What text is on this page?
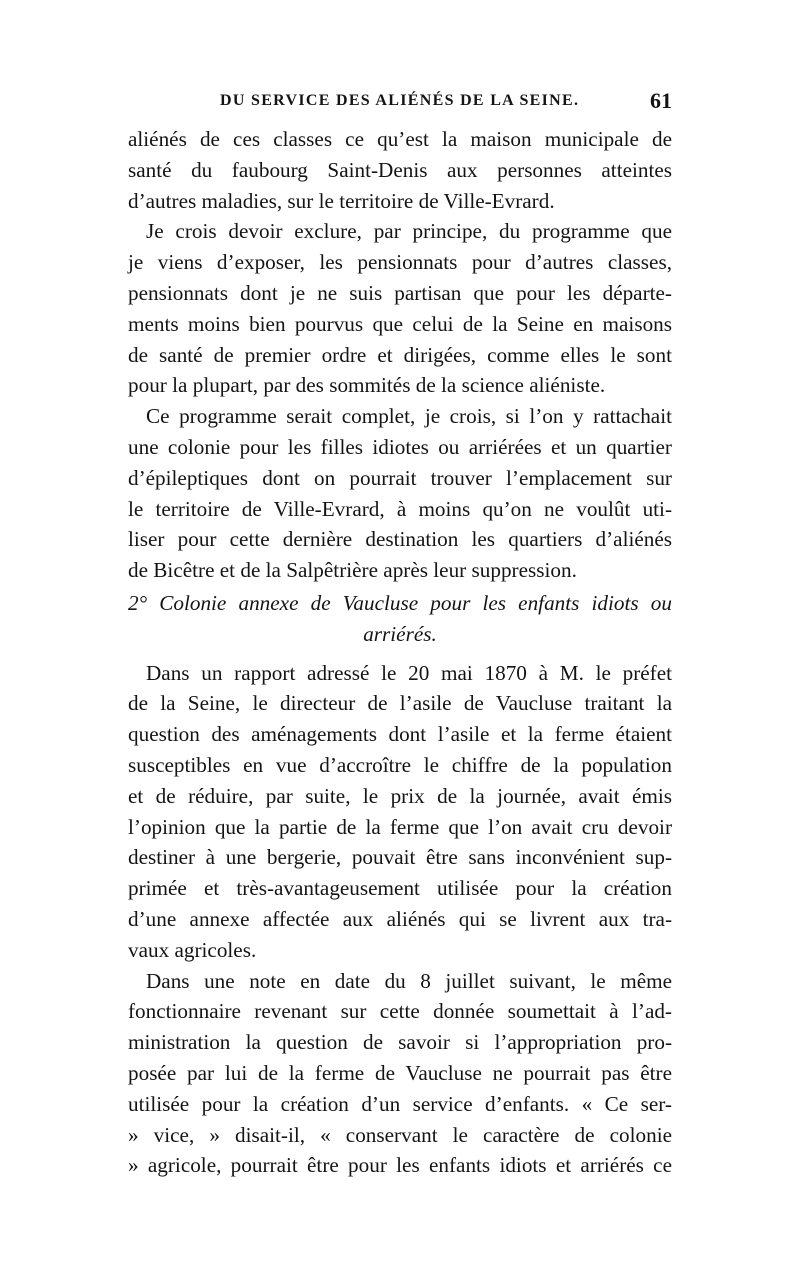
DU SERVICE DES ALIÉNÉS DE LA SEINE.	61
aliénés de ces classes ce qu’est la maison municipale de
santé du faubourg Saint-Denis aux personnes atteintes
d’autres maladies, sur le territoire de Ville-Evrard.
Je crois devoir exclure, par principe, du programme que
je viens d’exposer, les pensionnats pour d’autres classes,
pensionnats dont je ne suis partisan que pour les départe-
ments moins bien pourvus que celui de la Seine en maisons
de santé de premier ordre et dirigées, comme elles le sont
pour la plupart, par des sommités de la science aliéniste.
Ce programme serait complet, je crois, si l’on y rattachait
une colonie pour les filles idiotes ou arriérées et un quartier
d’épileptiques dont on pourrait trouver l’emplacement sur
le territoire de Ville-Evrard, à moins qu’on ne voulût uti-
liser pour cette dernière destination les quartiers d’aliénés
de Bicêtre et de la Salpêtrière après leur suppression.
2° Colonie annexe de Vaucluse pour les enfants idiots ou
arriérés.
Dans un rapport adressé le 20 mai 1870 à M. le préfet
de la Seine, le directeur de l’asile de Vaucluse traitant la
question des aménagements dont l’asile et la ferme étaient
susceptibles en vue d’accroître le chiffre de la population
et de réduire, par suite, le prix de la journée, avait émis
l’opinion que la partie de la ferme que l’on avait cru devoir
destiner à une bergerie, pouvait être sans inconvénient sup-
primée et très-avantageusement utilisée pour la création
d’une annexe affectée aux aliénés qui se livrent aux tra-
vaux agricoles.
Dans une note en date du 8 juillet suivant, le même
fonctionnaire revenant sur cette donnée soumettait à l’ad-
ministration la question de savoir si l’appropriation pro-
posée par lui de la ferme de Vaucluse ne pourrait pas être
utilisée pour la création d’un service d’enfants. « Ce ser-
» vice, » disait-il, « conservant le caractère de colonie
» agricole, pourrait être pour les enfants idiots et arriérés ce
